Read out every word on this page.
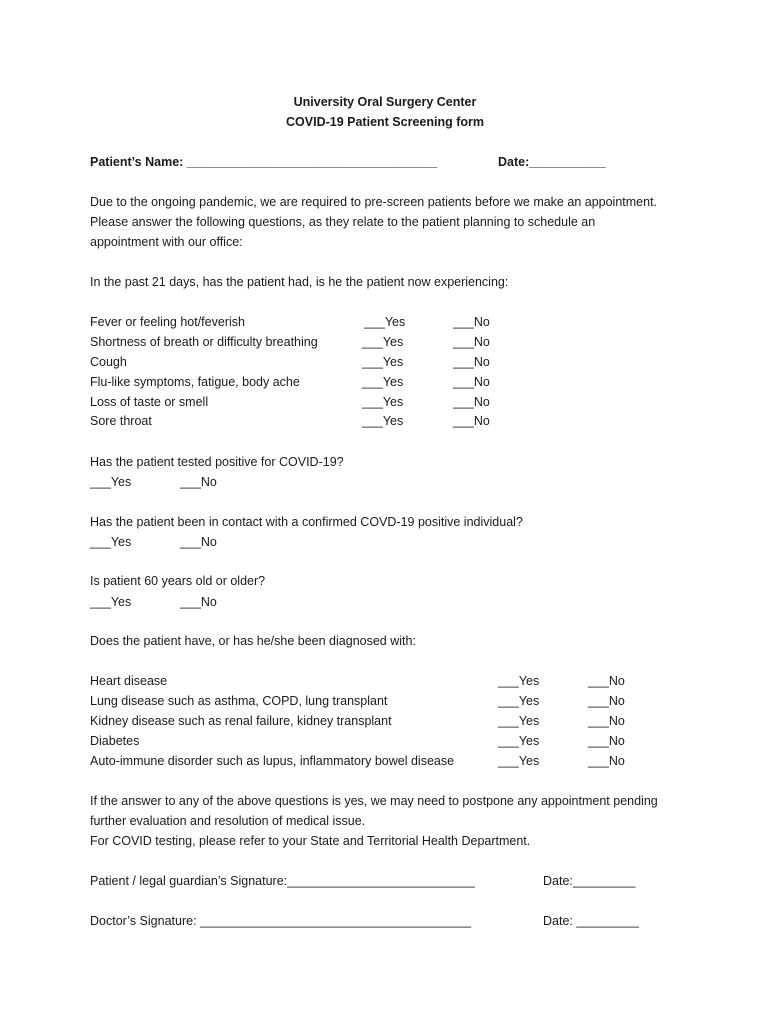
University Oral Surgery Center
COVID-19 Patient Screening form
Patient’s Name: ____________________________________	Date:___________
Due to the ongoing pandemic, we are required to pre-screen patients before we make an appointment.
Please answer the following questions, as they relate to the patient planning to schedule an
appointment with our office:
In the past 21 days, has the patient had, is he the patient now experiencing:
Fever or feeling hot/feverish	___Yes	___No
Shortness of breath or difficulty breathing	___Yes	___No
Cough	___Yes	___No
Flu-like symptoms, fatigue, body ache	___Yes	___No
Loss of taste or smell	___Yes	___No
Sore throat	___Yes	___No
Has the patient tested positive for COVID-19?
___Yes	___No
Has the patient been in contact with a confirmed COVD-19 positive individual?
___Yes	___No
Is patient 60 years old or older?
___Yes	___No
Does the patient have, or has he/she been diagnosed with:
Heart disease	___Yes	___No
Lung disease such as asthma, COPD, lung transplant	___Yes	___No
Kidney disease such as renal failure, kidney transplant	___Yes	___No
Diabetes	___Yes	___No
Auto-immune disorder such as lupus, inflammatory bowel disease	___Yes	___No
If the answer to any of the above questions is yes, we may need to postpone any appointment pending
further evaluation and resolution of medical issue.
For COVID testing, please refer to your State and Territorial Health Department.
Patient / legal guardian’s Signature:___________________________	Date:_________
Doctor’s Signature: _______________________________________	Date: _________
